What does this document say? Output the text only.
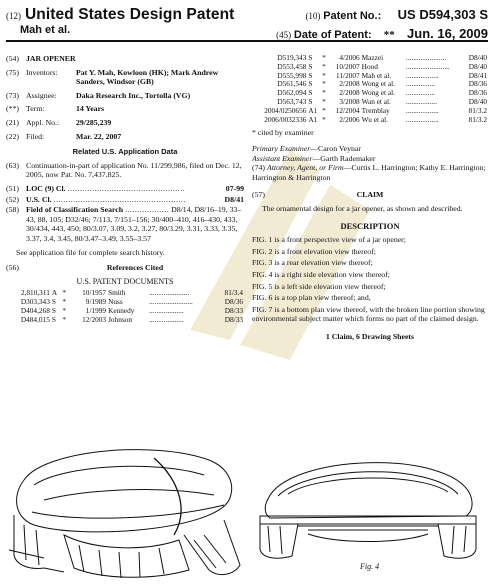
(12) United States Design Patent
Mah et al.
(10) Patent No.: US D594,303 S
(45) Date of Patent: ** Jun. 16, 2009
(54) JAR OPENER
(75) Inventors:	Pat Y. Mah, Kowloon (HK); Mark Andrew Sanders, Windsor (GB)
(73) Assignee:	Daka Research Inc., Tortolla (VG)
(**) Term:	14 Years
(21) Appl. No.:	29/285,239
(22) Filed:	Mar. 22, 2007
Related U.S. Application Data
(63) Continuation-in-part of application No. 11/299,986, filed on Dec. 12, 2005, now Pat. No. 7,437,825.
(51) LOC (9) Cl. ................................................	07-99
(52) U.S. Cl. ......................................................	D8/41
(58) Field of Classification Search .................. D8/14, D8/16–19, 33–43, 88, 105; D32/46; 7/113, 7/151–156; 30/400–410, 416–430, 433, 30/434, 443, 450; 80/3.07, 3.09, 3.2, 3.27, 80/3.29, 3.31, 3.33, 3.35, 3.37, 3.4, 3.45, 80/3.47–3.49, 3.55–3.57
See application file for complete search history.
(56)	References Cited
U.S. PATENT DOCUMENTS
2,810,311	A	*	10/1957	Smith	......................	81/3.4
D303,343	S	*	9/1989	Nuss	........................	D8/36
D404,268	S	*	1/1999	Kennedy	...................	D8/33
D484,015	S	*	12/2003	Johnson	...................	D8/33
D519,343	S	*	4/2006	Mazzei	......................	D8/40
D553,458	S	*	10/2007	Hood	........................	D8/40
D555,998	S	*	11/2007	Mah et al.	..................	D8/41
D561,546	S	*	2/2008	Wong et al.	................	D8/36
D562,094	S	*	2/2008	Wong et al.	................	D8/36
D563,743	S	*	3/2008	Wan et al.	.................	D8/40
2004/0250656	A1	*	12/2004	Tremblay	..................	81/3.2
2006/0032336	A1	*	2/2006	Wu et al.	..................	81/3.2
* cited by examiner
Primary Examiner—Caron Veynar
Assistant Examiner—Garth Rademaker
(74) Attorney, Agent, or Firm—Curtis L. Harrington; Kathy E. Harrington; Harrington & Harrington
(57)	CLAIM
The ornamental design for a jar opener, as shown and described.
DESCRIPTION

FIG. 1 is a front perspective view of a jar opener;

FIG. 2 is a front elevation view thereof;

FIG. 3 is a rear elevation view thereof;

FIG. 4 is a right side elevation view thereof;

FIG. 5 is a left side elevation view thereof;

FIG. 6 is a top plan view thereof; and,

FIG. 7 is a bottom plan view thereof, with the broken line portion showing environmental subject matter which forms no part of the claimed design.

1 Claim, 6 Drawing Sheets
Fig. 4
